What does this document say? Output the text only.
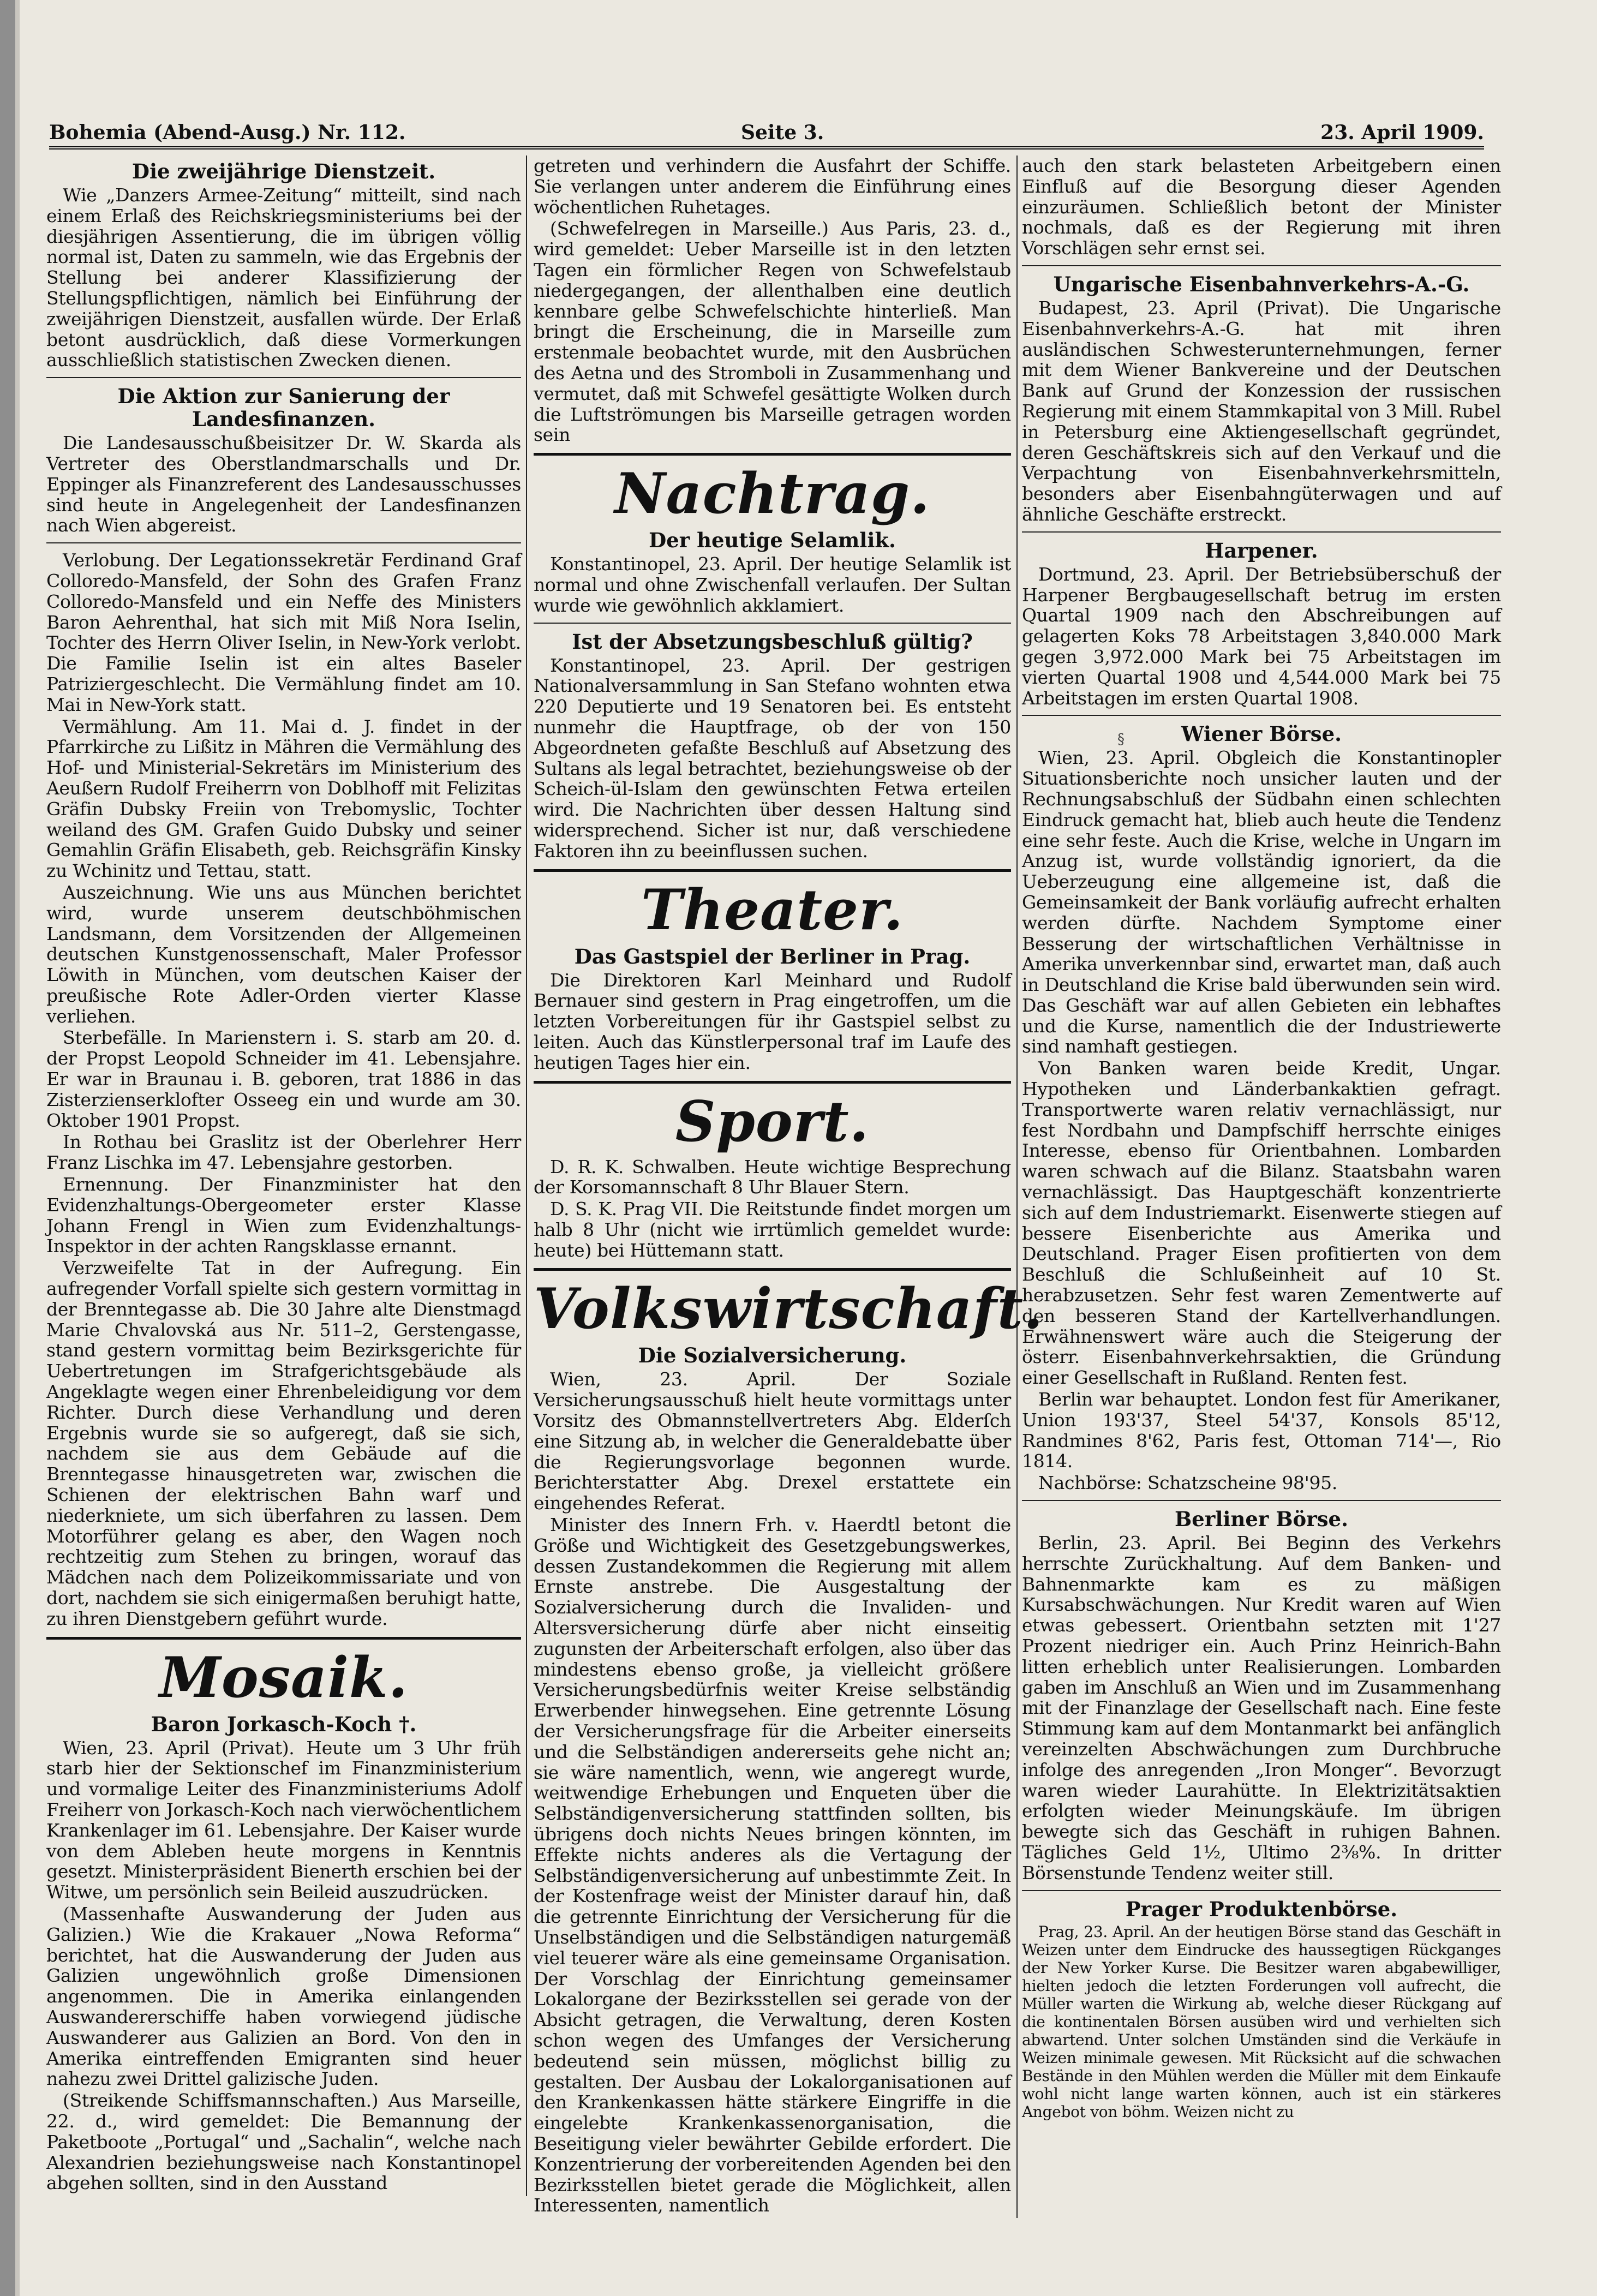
Bohemia (Abend-Ausg.) Nr. 112.	Seite 3.	23. April 1909.
Die zweijährige Dienstzeit.

Wie „Danzers Armee-Zeitung“ mitteilt, sind nach einem Erlaß des Reichskriegsministeriums bei der diesjährigen Assentierung, die im übrigen völlig normal ist, Daten zu sammeln, wie das Ergebnis der Stellung bei anderer Klassifizierung der Stellungspflichtigen, nämlich bei Einführung der zweijährigen Dienstzeit, ausfallen würde. Der Erlaß betont ausdrücklich, daß diese Vormerkungen ausschließlich statistischen Zwecken dienen.

Die Aktion zur Sanierung der Landesfinanzen.

Die Landesausschußbeisitzer Dr. W. Skarda als Vertreter des Oberstlandmarschalls und Dr. Eppinger als Finanzreferent des Landesausschusses sind heute in Angelegenheit der Landesfinanzen nach Wien abgereist.

Verlobung. Der Legationssekretär Ferdinand Graf Colloredo-Mansfeld, der Sohn des Grafen Franz Colloredo-Mansfeld und ein Neffe des Ministers Baron Aehrenthal, hat sich mit Miß Nora Iselin, Tochter des Herrn Oliver Iselin, in New-York verlobt. Die Familie Iselin ist ein altes Baseler Patriziergeschlecht. Die Vermählung findet am 10. Mai in New-York statt.

Vermählung. Am 11. Mai d. J. findet in der Pfarrkirche zu Lißitz in Mähren die Vermählung des Hof- und Ministerial-Sekretärs im Ministerium des Aeußern Rudolf Freiherrn von Doblhoff mit Felizitas Gräfin Dubsky Freiin von Trebomyslic, Tochter weiland des GM. Grafen Guido Dubsky und seiner Gemahlin Gräfin Elisabeth, geb. Reichsgräfin Kinsky zu Wchinitz und Tettau, statt.

Auszeichnung. Wie uns aus München berichtet wird, wurde unserem deutschböhmischen Landsmann, dem Vorsitzenden der Allgemeinen deutschen Kunstgenossenschaft, Maler Professor Löwith in München, vom deutschen Kaiser der preußische Rote Adler-Orden vierter Klasse verliehen.

Sterbefälle. In Marienstern i. S. starb am 20. d. der Propst Leopold Schneider im 41. Lebensjahre. Er war in Braunau i. B. geboren, trat 1886 in das Zisterzienserklofter Osseeg ein und wurde am 30. Oktober 1901 Propst.

In Rothau bei Graslitz ist der Oberlehrer Herr Franz Lischka im 47. Lebensjahre gestorben.

Ernennung. Der Finanzminister hat den Evidenzhaltungs-Obergeometer erster Klasse Johann Frengl in Wien zum Evidenzhaltungs-Inspektor in der achten Rangsklasse ernannt.

Verzweifelte Tat in der Aufregung. Ein aufregender Vorfall spielte sich gestern vormittag in der Brenntegasse ab. Die 30 Jahre alte Dienstmagd Marie Chvalovská aus Nr. 511–2, Gerstengasse, stand gestern vormittag beim Bezirksgerichte für Uebertretungen im Strafgerichtsgebäude als Angeklagte wegen einer Ehrenbeleidigung vor dem Richter. Durch diese Verhandlung und deren Ergebnis wurde sie so aufgeregt, daß sie sich, nachdem sie aus dem Gebäude auf die Brenntegasse hinausgetreten war, zwischen die Schienen der elektrischen Bahn warf und niederkniete, um sich überfahren zu lassen. Dem Motorführer gelang es aber, den Wagen noch rechtzeitig zum Stehen zu bringen, worauf das Mädchen nach dem Polizeikommissariate und von dort, nachdem sie sich einigermaßen beruhigt hatte, zu ihren Dienstgebern geführt wurde.

Mosaik.
Baron Jorkasch-Koch †.

Wien, 23. April (Privat). Heute um 3 Uhr früh starb hier der Sektionschef im Finanzministerium und vormalige Leiter des Finanzministeriums Adolf Freiherr von Jorkasch-Koch nach vierwöchentlichem Krankenlager im 61. Lebensjahre. Der Kaiser wurde von dem Ableben heute morgens in Kenntnis gesetzt. Ministerpräsident Bienerth erschien bei der Witwe, um persönlich sein Beileid auszudrücken.

(Massenhafte Auswanderung der Juden aus Galizien.) Wie die Krakauer „Nowa Reforma“ berichtet, hat die Auswanderung der Juden aus Galizien ungewöhnlich große Dimensionen angenommen. Die in Amerika einlangenden Auswandererschiffe haben vorwiegend jüdische Auswanderer aus Galizien an Bord. Von den in Amerika eintreffenden Emigranten sind heuer nahezu zwei Drittel galizische Juden.

(Streikende Schiffsmannschaften.) Aus Marseille, 22. d., wird gemeldet: Die Bemannung der Paketboote „Portugal“ und „Sachalin“, welche nach Alexandrien beziehungsweise nach Konstantinopel abgehen sollten, sind in den Ausstand

getreten und verhindern die Ausfahrt der Schiffe. Sie verlangen unter anderem die Einführung eines wöchentlichen Ruhetages.

(Schwefelregen in Marseille.) Aus Paris, 23. d., wird gemeldet: Ueber Marseille ist in den letzten Tagen ein förmlicher Regen von Schwefelstaub niedergegangen, der allenthalben eine deutlich kennbare gelbe Schwefelschichte hinterließ. Man bringt die Erscheinung, die in Marseille zum erstenmale beobachtet wurde, mit den Ausbrüchen des Aetna und des Stromboli in Zusammenhang und vermutet, daß mit Schwefel gesättigte Wolken durch die Luftströmungen bis Marseille getragen worden sein

Nachtrag.
Der heutige Selamlik.

Konstantinopel, 23. April. Der heutige Selamlik ist normal und ohne Zwischenfall verlaufen. Der Sultan wurde wie gewöhnlich akklamiert.

Ist der Absetzungsbeschluß gültig?

Konstantinopel, 23. April. Der gestrigen Nationalversammlung in San Stefano wohnten etwa 220 Deputierte und 19 Senatoren bei. Es entsteht nunmehr die Hauptfrage, ob der von 150 Abgeordneten gefaßte Beschluß auf Absetzung des Sultans als legal betrachtet, beziehungsweise ob der Scheich-ül-Islam den gewünschten Fetwa erteilen wird. Die Nachrichten über dessen Haltung sind widersprechend. Sicher ist nur, daß verschiedene Faktoren ihn zu beeinflussen suchen.

Theater.
Das Gastspiel der Berliner in Prag.

Die Direktoren Karl Meinhard und Rudolf Bernauer sind gestern in Prag eingetroffen, um die letzten Vorbereitungen für ihr Gastspiel selbst zu leiten. Auch das Künstlerpersonal traf im Laufe des heutigen Tages hier ein.

Sport.

D. R. K. Schwalben. Heute wichtige Besprechung der Korsomannschaft 8 Uhr Blauer Stern.

D. S. K. Prag VII. Die Reitstunde findet morgen um halb 8 Uhr (nicht wie irrtümlich gemeldet wurde: heute) bei Hüttemann statt.

Volkswirtschaft.
Die Sozialversicherung.

Wien, 23. April. Der Soziale Versicherungsausschuß hielt heute vormittags unter Vorsitz des Obmannstellvertreters Abg. Elderſch eine Sitzung ab, in welcher die Generaldebatte über die Regierungsvorlage begonnen wurde. Berichterstatter Abg. Drexel erstattete ein eingehendes Referat.

Minister des Innern Frh. v. Haerdtl betont die Größe und Wichtigkeit des Gesetzgebungswerkes, dessen Zustandekommen die Regierung mit allem Ernste anstrebe. Die Ausgestaltung der Sozialversicherung durch die Invaliden- und Altersversicherung dürfe aber nicht einseitig zugunsten der Arbeiterschaft erfolgen, also über das mindestens ebenso große, ja vielleicht größere Versicherungsbedürfnis weiter Kreise selbständig Erwerbender hinwegsehen. Eine getrennte Lösung der Versicherungsfrage für die Arbeiter einerseits und die Selbständigen andererseits gehe nicht an; sie wäre namentlich, wenn, wie angeregt wurde, weitwendige Erhebungen und Enqueten über die Selbständigenversicherung stattfinden sollten, bis übrigens doch nichts Neues bringen könnten, im Effekte nichts anderes als die Vertagung der Selbständigenversicherung auf unbestimmte Zeit. In der Kostenfrage weist der Minister darauf hin, daß die getrennte Einrichtung der Versicherung für die Unselbständigen und die Selbständigen naturgemäß viel teuerer wäre als eine gemeinsame Organisation. Der Vorschlag der Einrichtung gemeinsamer Lokalorgane der Bezirksstellen sei gerade von der Absicht getragen, die Verwaltung, deren Kosten schon wegen des Umfanges der Versicherung bedeutend sein müssen, möglichst billig zu gestalten. Der Ausbau der Lokalorganisationen auf den Krankenkassen hätte stärkere Eingriffe in die eingelebte Krankenkassenorganisation, die Beseitigung vieler bewährter Gebilde erfordert. Die Konzentrierung der vorbereitenden Agenden bei den Bezirksstellen bietet gerade die Möglichkeit, allen Interessenten, namentlich

auch den stark belasteten Arbeitgebern einen Einfluß auf die Besorgung dieser Agenden einzuräumen. Schließlich betont der Minister nochmals, daß es der Regierung mit ihren Vorschlägen sehr ernst sei.

Ungarische Eisenbahnverkehrs-A.-G.

Budapest, 23. April (Privat). Die Ungarische Eisenbahnverkehrs-A.-G. hat mit ihren ausländischen Schwesterunternehmungen, ferner mit dem Wiener Bankvereine und der Deutschen Bank auf Grund der Konzession der russischen Regierung mit einem Stammkapital von 3 Mill. Rubel in Petersburg eine Aktiengesellschaft gegründet, deren Geschäftskreis sich auf den Verkauf und die Verpachtung von Eisenbahnverkehrsmitteln, besonders aber Eisenbahngüterwagen und auf ähnliche Geschäfte erstreckt.

Harpener.

Dortmund, 23. April. Der Betriebsüberschuß der Harpener Bergbaugesellschaft betrug im ersten Quartal 1909 nach den Abschreibungen auf gelagerten Koks 78 Arbeitstagen 3,840.000 Mark gegen 3,972.000 Mark bei 75 Arbeitstagen im vierten Quartal 1908 und 4,544.000 Mark bei 75 Arbeitstagen im ersten Quartal 1908.

Wiener Börse.

Wien, 23. April. Obgleich die Konstantinopler Situationsberichte noch unsicher lauten und der Rechnungsabschluß der Südbahn einen schlechten Eindruck gemacht hat, blieb auch heute die Tendenz eine sehr feste. Auch die Krise, welche in Ungarn im Anzug ist, wurde vollständig ignoriert, da die Ueberzeugung eine allgemeine ist, daß die Gemeinsamkeit der Bank vorläufig aufrecht erhalten werden dürfte. Nachdem Symptome einer Besserung der wirtschaftlichen Verhältnisse in Amerika unverkennbar sind, erwartet man, daß auch in Deutschland die Krise bald überwunden sein wird. Das Geschäft war auf allen Gebieten ein lebhaftes und die Kurse, namentlich die der Industriewerte sind namhaft gestiegen.

Von Banken waren beide Kredit, Ungar. Hypotheken und Länderbankaktien gefragt. Transportwerte waren relativ vernachlässigt, nur fest Nordbahn und Dampfschiff herrschte einiges Interesse, ebenso für Orientbahnen. Lombarden waren schwach auf die Bilanz. Staatsbahn waren vernachlässigt. Das Hauptgeschäft konzentrierte sich auf dem Industriemarkt. Eisenwerte stiegen auf bessere Eisenberichte aus Amerika und Deutschland. Prager Eisen profitierten von dem Beschluß die Schlußeinheit auf 10 St. herabzusetzen. Sehr fest waren Zementwerte auf den besseren Stand der Kartellverhandlungen. Erwähnenswert wäre auch die Steigerung der österr. Eisenbahnverkehrsaktien, die Gründung einer Gesellschaft in Rußland. Renten fest.

Berlin war behauptet. London fest für Amerikaner, Union 193'37, Steel 54'37, Konsols 85'12, Randmines 8'62, Paris fest, Ottoman 714'—, Rio 1814.

Nachbörse: Schatzscheine 98'95.

Berliner Börse.

Berlin, 23. April. Bei Beginn des Verkehrs herrschte Zurückhaltung. Auf dem Banken- und Bahnenmarkte kam es zu mäßigen Kursabschwächungen. Nur Kredit waren auf Wien etwas gebessert. Orientbahn setzten mit 1'27 Prozent niedriger ein. Auch Prinz Heinrich-Bahn litten erheblich unter Realisierungen. Lombarden gaben im Anschluß an Wien und im Zusammenhang mit der Finanzlage der Gesellschaft nach. Eine feste Stimmung kam auf dem Montanmarkt bei anfänglich vereinzelten Abschwächungen zum Durchbruche infolge des anregenden „Iron Monger“. Bevorzugt waren wieder Laurahütte. In Elektrizitätsaktien erfolgten wieder Meinungskäufe. Im übrigen bewegte sich das Geschäft in ruhigen Bahnen. Tägliches Geld 1½, Ultimo 2⅜%. In dritter Börsenstunde Tendenz weiter still.

Prager Produktenbörse.

Prag, 23. April. An der heutigen Börse stand das Geschäft in Weizen unter dem Eindrucke des haussegtigen Rückganges der New Yorker Kurse. Die Besitzer waren abgabewilliger, hielten jedoch die letzten Forderungen voll aufrecht, die Müller warten die Wirkung ab, welche dieser Rückgang auf die kontinentalen Börsen ausüben wird und verhielten sich abwartend. Unter solchen Umständen sind die Verkäufe in Weizen minimale gewesen. Mit Rücksicht auf die schwachen Bestände in den Mühlen werden die Müller mit dem Einkaufe wohl nicht lange warten können, auch ist ein stärkeres Angebot von böhm. Weizen nicht zu

§
